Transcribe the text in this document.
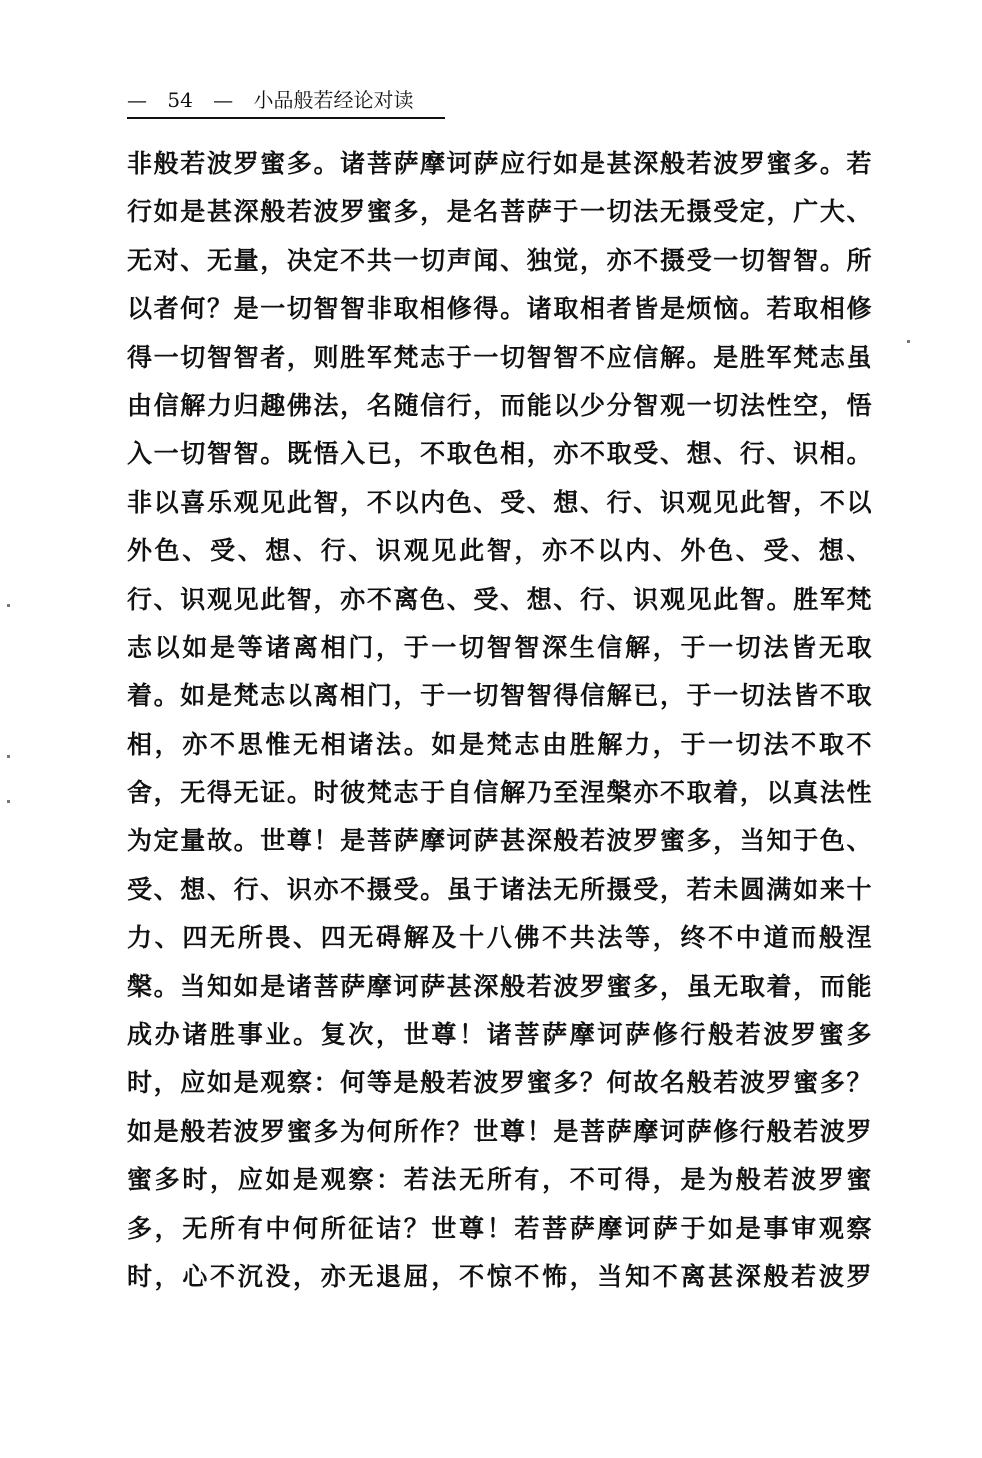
— 54 — 小品般若经论对读
非般若波罗蜜多。诸菩萨摩诃萨应行如是甚深般若波罗蜜多。若
行如是甚深般若波罗蜜多，是名菩萨于一切法无摄受定，广大、
无对、无量，决定不共一切声闻、独觉，亦不摄受一切智智。所
以者何？是一切智智非取相修得。诸取相者皆是烦恼。若取相修
得一切智智者，则胜军梵志于一切智智不应信解。是胜军梵志虽
由信解力归趣佛法，名随信行，而能以少分智观一切法性空，悟
入一切智智。既悟入已，不取色相，亦不取受、想、行、识相。
非以喜乐观见此智，不以内色、受、想、行、识观见此智，不以
外色、受、想、行、识观见此智，亦不以内、外色、受、想、
行、识观见此智，亦不离色、受、想、行、识观见此智。胜军梵
志以如是等诸离相门，于一切智智深生信解，于一切法皆无取
着。如是梵志以离相门，于一切智智得信解已，于一切法皆不取
相，亦不思惟无相诸法。如是梵志由胜解力，于一切法不取不
舍，无得无证。时彼梵志于自信解乃至涅槃亦不取着，以真法性
为定量故。世尊！是菩萨摩诃萨甚深般若波罗蜜多，当知于色、
受、想、行、识亦不摄受。虽于诸法无所摄受，若未圆满如来十
力、四无所畏、四无碍解及十八佛不共法等，终不中道而般涅
槃。当知如是诸菩萨摩诃萨甚深般若波罗蜜多，虽无取着，而能
成办诸胜事业。复次，世尊！诸菩萨摩诃萨修行般若波罗蜜多
时，应如是观察：何等是般若波罗蜜多？何故名般若波罗蜜多？
如是般若波罗蜜多为何所作？世尊！是菩萨摩诃萨修行般若波罗
蜜多时，应如是观察：若法无所有，不可得，是为般若波罗蜜
多，无所有中何所征诘？世尊！若菩萨摩诃萨于如是事审观察
时，心不沉没，亦无退屈，不惊不怖，当知不离甚深般若波罗
